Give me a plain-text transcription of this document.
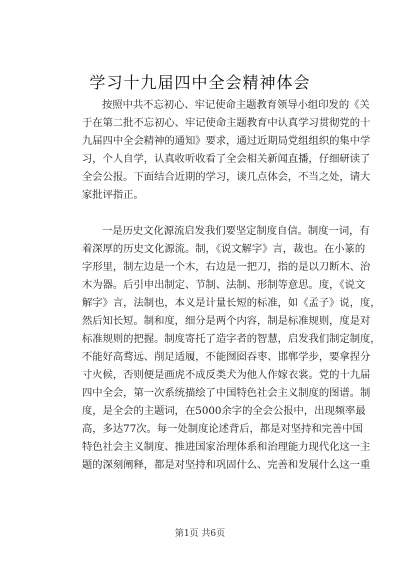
学习十九届四中全会精神体会
按照中共不忘初心、牢记使命主题教育领导小组印发的《关
于在第二批不忘初心、牢记使命主题教育中认真学习贯彻党的十
九届四中全会精神的通知》要求，通过近期局党组组织的集中学
习，个人自学，认真收听收看了全会相关新闻直播，仔细研读了
全会公报。下面结合近期的学习，谈几点体会，不当之处，请大
家批评指正。
一是历史文化源流启发我们要坚定制度自信。制度一词，有
着深厚的历史文化源流。制，《说文解字》言，裁也。在小篆的
字形里，制左边是一个木，右边是一把刀，指的是以刀断木、治
木为器。后引申出制定、节制、法制、形制等意思。度，《说文
解字》言，法制也，本义是计量长短的标准，如《孟子》说，度，
然后知长短。制和度，细分是两个内容，制是标准规则，度是对
标准规则的把握。制度寄托了造字者的智慧，启发我们制定制度，
不能好高骛远、削足适履，不能囫囵吞枣、邯郸学步，要拿捏分
寸火候，否则便是画虎不成反类犬为他人作嫁衣裳。党的十九届
四中全会，第一次系统描绘了中国特色社会主义制度的图谱。制
度，是全会的主题词，在5000余字的全会公报中，出现频率最
高，多达77次。每一处制度论述背后，都是对坚持和完善中国
特色社会主义制度、推进国家治理体系和治理能力现代化这一主
题的深刻阐释，都是对坚持和巩固什么、完善和发展什么这一重
第1页 共6页
